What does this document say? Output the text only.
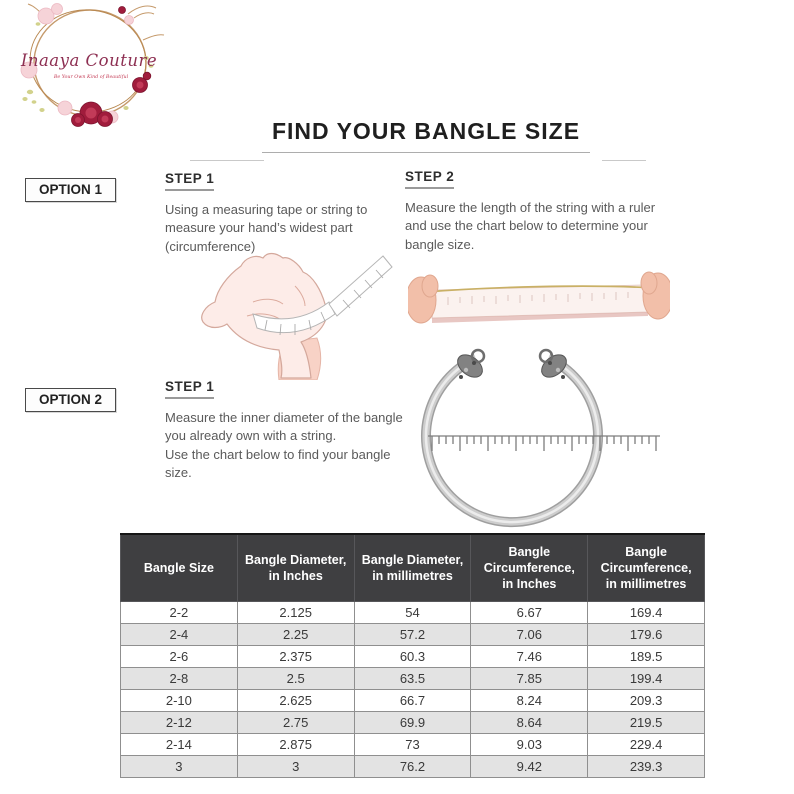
Inaaya Couture
Be Your Own Kind of Beautiful
FIND YOUR BANGLE SIZE
OPTION 1
STEP 1

Using a measuring tape or string to measure your hand’s widest part (circumference)

STEP 2

Measure the length of the string with a ruler and use the chart below to determine your bangle size.

OPTION 2
STEP 1

Measure the inner diameter of the bangle you already own with a string.

Use the chart below to find your bangle size.

Bangle Size	Bangle Diameter, in Inches	Bangle Diameter, in millimetres	Bangle Circumference, in Inches	Bangle Circumference, in millimetres
2-2	2.125	54	6.67	169.4
2-4	2.25	57.2	7.06	179.6
2-6	2.375	60.3	7.46	189.5
2-8	2.5	63.5	7.85	199.4
2-10	2.625	66.7	8.24	209.3
2-12	2.75	69.9	8.64	219.5
2-14	2.875	73	9.03	229.4
3	3	76.2	9.42	239.3
